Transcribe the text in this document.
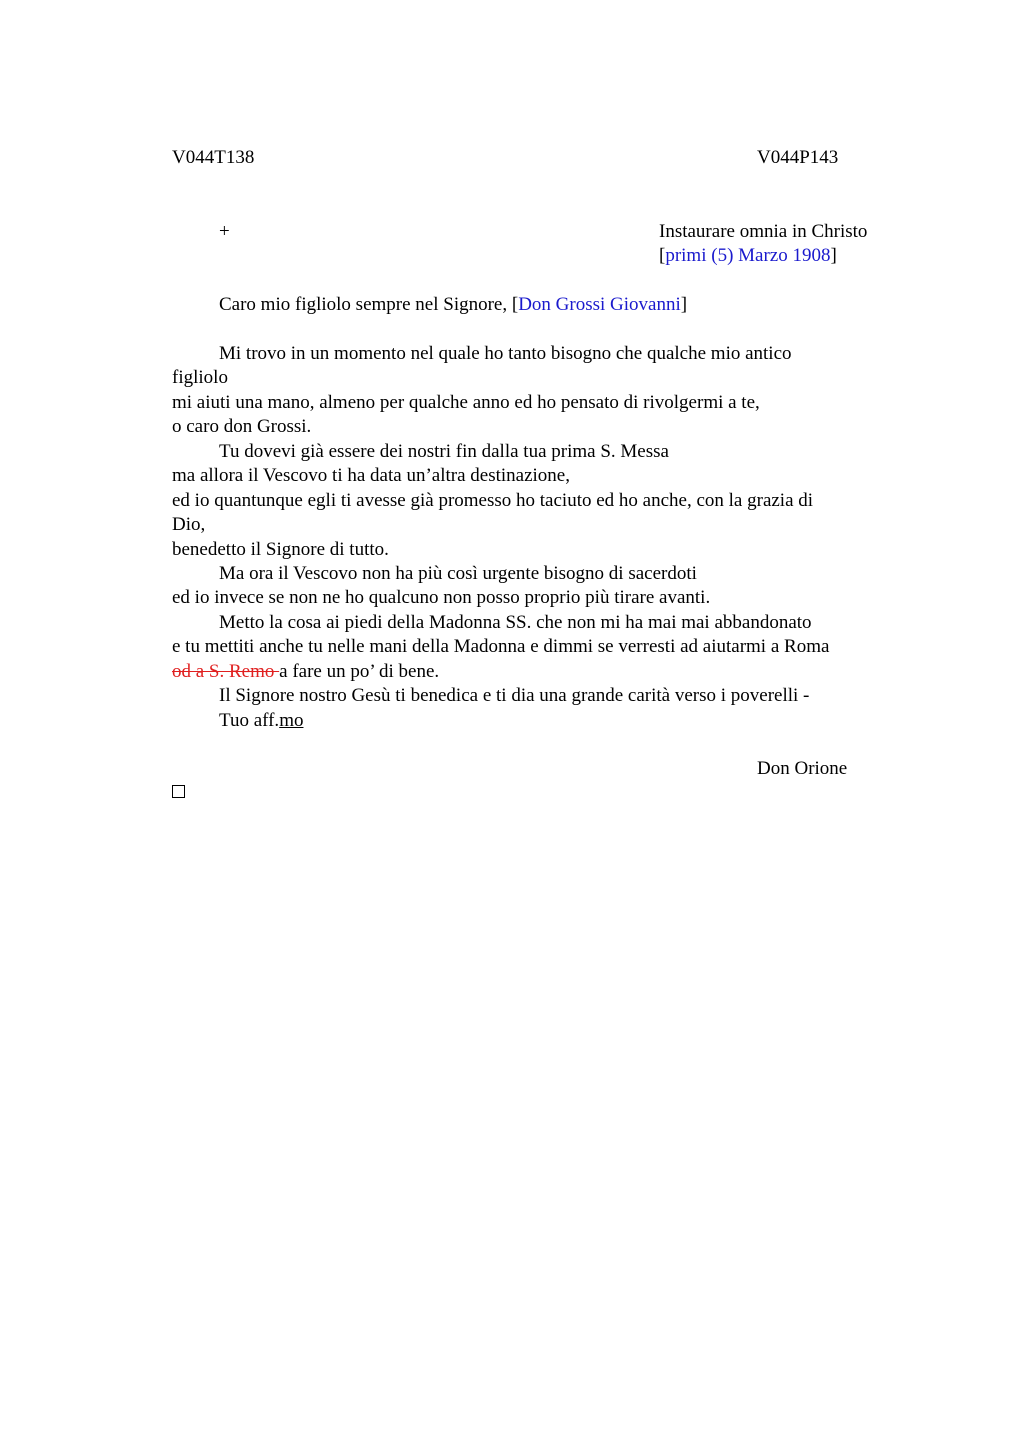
V044T138	V044P143
+	Instaurare omnia in Christo
[primi (5) Marzo 1908]
Caro mio figliolo sempre nel Signore, [Don Grossi Giovanni]
Mi trovo in un momento nel quale ho tanto bisogno che qualche mio antico
figliolo
mi aiuti una mano, almeno per qualche anno ed ho pensato di rivolgermi a te,
o caro don Grossi.
Tu dovevi già essere dei nostri fin dalla tua prima S. Messa
ma allora il Vescovo ti ha data un’altra destinazione,
ed io quantunque egli ti avesse già promesso ho taciuto ed ho anche, con la grazia di
Dio,
benedetto il Signore di tutto.
Ma ora il Vescovo non ha più così urgente bisogno di sacerdoti
ed io invece se non ne ho qualcuno non posso proprio più tirare avanti.
Metto la cosa ai piedi della Madonna SS. che non mi ha mai mai abbandonato
e tu mettiti anche tu nelle mani della Madonna e dimmi se verresti ad aiutarmi a Roma
od a S. Remo a fare un po’ di bene.
Il Signore nostro Gesù ti benedica e ti dia una grande carità verso i poverelli -
Tuo aff.mo
Don Orione
